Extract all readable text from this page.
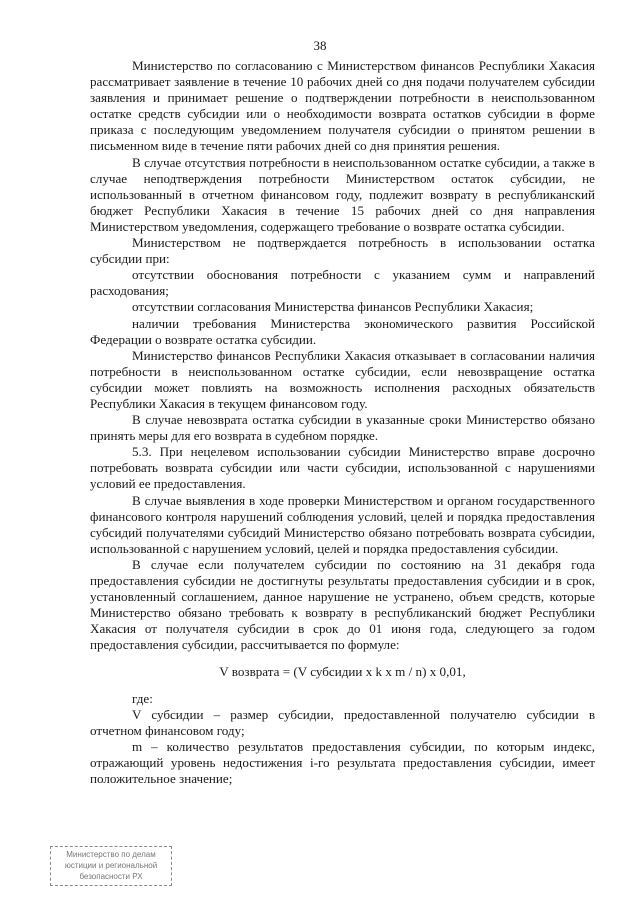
38

Министерство по согласованию с Министерством финансов Республики Хакасия рассматривает заявление в течение 10 рабочих дней со дня подачи получателем субсидии заявления и принимает решение о подтверждении потребности в неиспользованном остатке средств субсидии или о необходимости возврата остатков субсидии в форме приказа с последующим уведомлением получателя субсидии о принятом решении в письменном виде в течение пяти рабочих дней со дня принятия решения.

В случае отсутствия потребности в неиспользованном остатке субсидии, а также в случае неподтверждения потребности Министерством остаток субсидии, не использованный в отчетном финансовом году, подлежит возврату в республиканский бюджет Республики Хакасия в течение 15 рабочих дней со дня направления Министерством уведомления, содержащего требование о возврате остатка субсидии.

Министерством не подтверждается потребность в использовании остатка субсидии при:

отсутствии обоснования потребности с указанием сумм и направлений расходования;

отсутствии согласования Министерства финансов Республики Хакасия;

наличии требования Министерства экономического развития Российской Федерации о возврате остатка субсидии.

Министерство финансов Республики Хакасия отказывает в согласовании наличия потребности в неиспользованном остатке субсидии, если невозвращение остатка субсидии может повлиять на возможность исполнения расходных обязательств Республики Хакасия в текущем финансовом году.

В случае невозврата остатка субсидии в указанные сроки Министерство обязано принять меры для его возврата в судебном порядке.

5.3. При нецелевом использовании субсидии Министерство вправе досрочно потребовать возврата субсидии или части субсидии, использованной с нарушениями условий ее предоставления.

В случае выявления в ходе проверки Министерством и органом государственного финансового контроля нарушений соблюдения условий, целей и порядка предоставления субсидий получателями субсидий Министерство обязано потребовать возврата субсидии, использованной с нарушением условий, целей и порядка предоставления субсидии.

В случае если получателем субсидии по состоянию на 31 декабря года предоставления субсидии не достигнуты результаты предоставления субсидии и в срок, установленный соглашением, данное нарушение не устранено, объем средств, которые Министерство обязано требовать к возврату в республиканский бюджет Республики Хакасия от получателя субсидии в срок до 01 июня года, следующего за годом предоставления субсидии, рассчитывается по формуле:

V возврата = (V субсидии x k x m / n) x 0,01,

где:

V субсидии – размер субсидии, предоставленной получателю субсидии в отчетном финансовом году;

m – количество результатов предоставления субсидии, по которым индекс, отражающий уровень недостижения i-го результата предоставления субсидии, имеет положительное значение;

Министерство по делам
юстиции и региональной
безопасности РХ
